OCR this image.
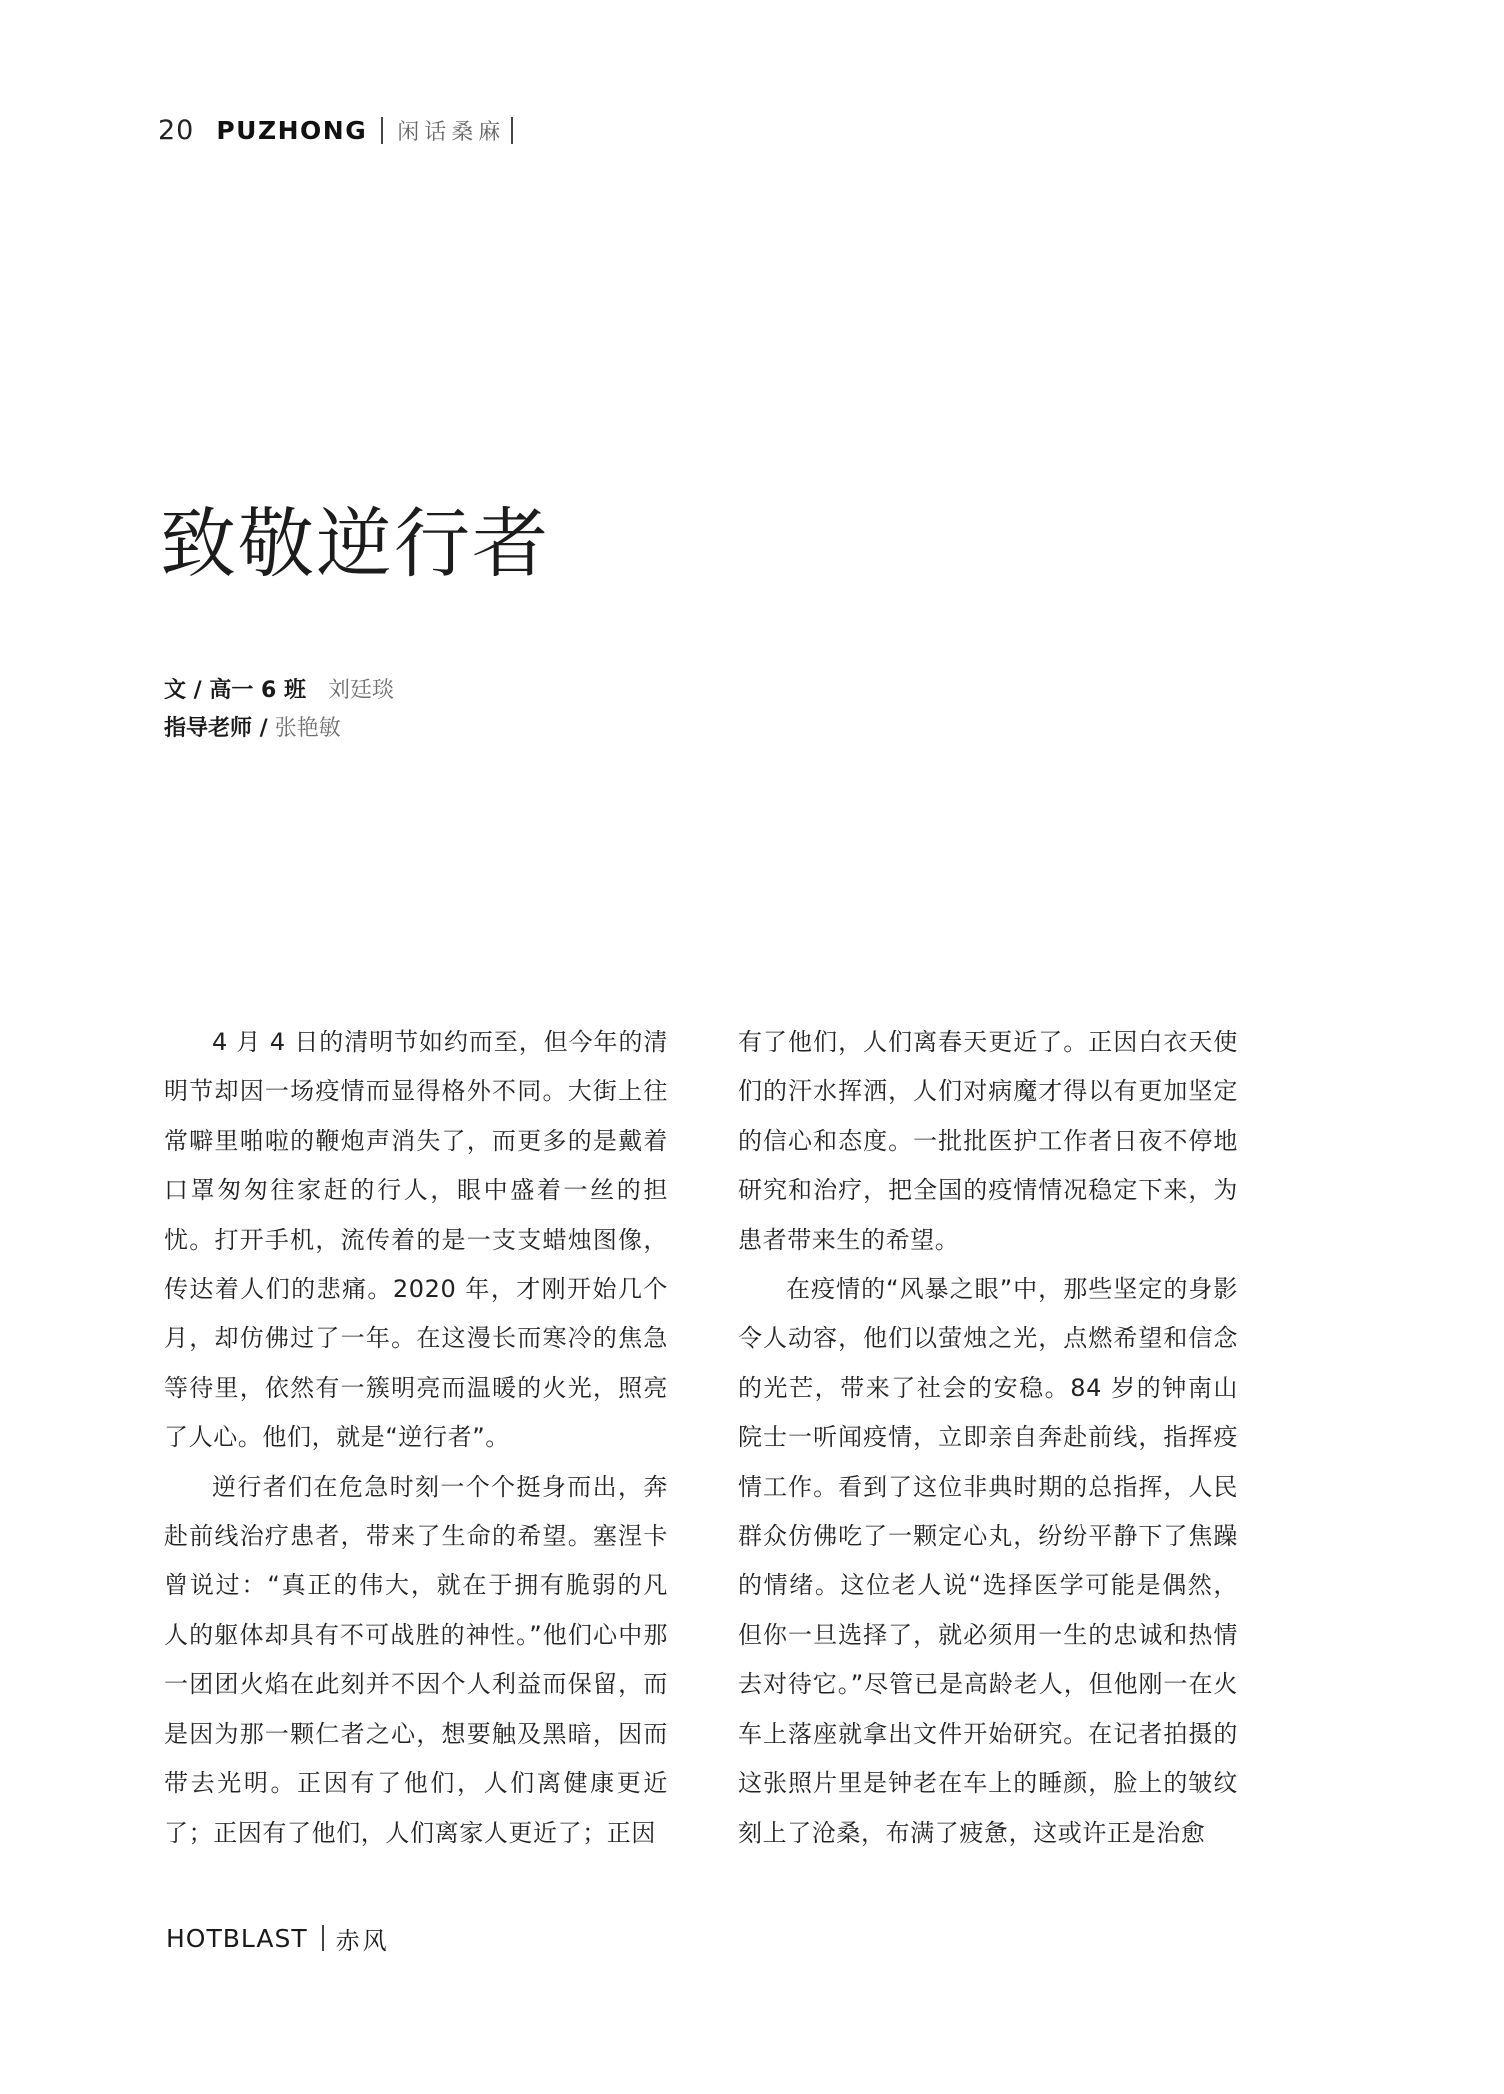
20 PUZHONG 闲话桑麻
致敬逆行者
文 / 高一 6 班 刘廷琰
指导老师 / 张艳敏

4 月 4 日的清明节如约而至，但今年的清明节却因一场疫情而显得格外不同。大街上往常噼里啪啦的鞭炮声消失了，而更多的是戴着口罩匆匆往家赶的行人，眼中盛着一丝的担忧。打开手机，流传着的是一支支蜡烛图像，传达着人们的悲痛。2020 年，才刚开始几个月，却仿佛过了一年。在这漫长而寒冷的焦急等待里，依然有一簇明亮而温暖的火光，照亮了人心。他们，就是“逆行者”。

逆行者们在危急时刻一个个挺身而出，奔赴前线治疗患者，带来了生命的希望。塞涅卡曾说过：“真正的伟大，就在于拥有脆弱的凡人的躯体却具有不可战胜的神性。”他们心中那一团团火焰在此刻并不因个人利益而保留，而是因为那一颗仁者之心，想要触及黑暗，因而带去光明。正因有了他们，人们离健康更近了；正因有了他们，人们离家人更近了；正因

有了他们，人们离春天更近了。正因白衣天使们的汗水挥洒，人们对病魔才得以有更加坚定的信心和态度。一批批医护工作者日夜不停地研究和治疗，把全国的疫情情况稳定下来，为患者带来生的希望。

在疫情的“风暴之眼”中，那些坚定的身影令人动容，他们以萤烛之光，点燃希望和信念的光芒，带来了社会的安稳。84 岁的钟南山院士一听闻疫情，立即亲自奔赴前线，指挥疫情工作。看到了这位非典时期的总指挥，人民群众仿佛吃了一颗定心丸，纷纷平静下了焦躁的情绪。这位老人说“选择医学可能是偶然，但你一旦选择了，就必须用一生的忠诚和热情去对待它。”尽管已是高龄老人，但他刚一在火车上落座就拿出文件开始研究。在记者拍摄的这张照片里是钟老在车上的睡颜，脸上的皱纹刻上了沧桑，布满了疲惫，这或许正是治愈

HOTBLAST 赤风
